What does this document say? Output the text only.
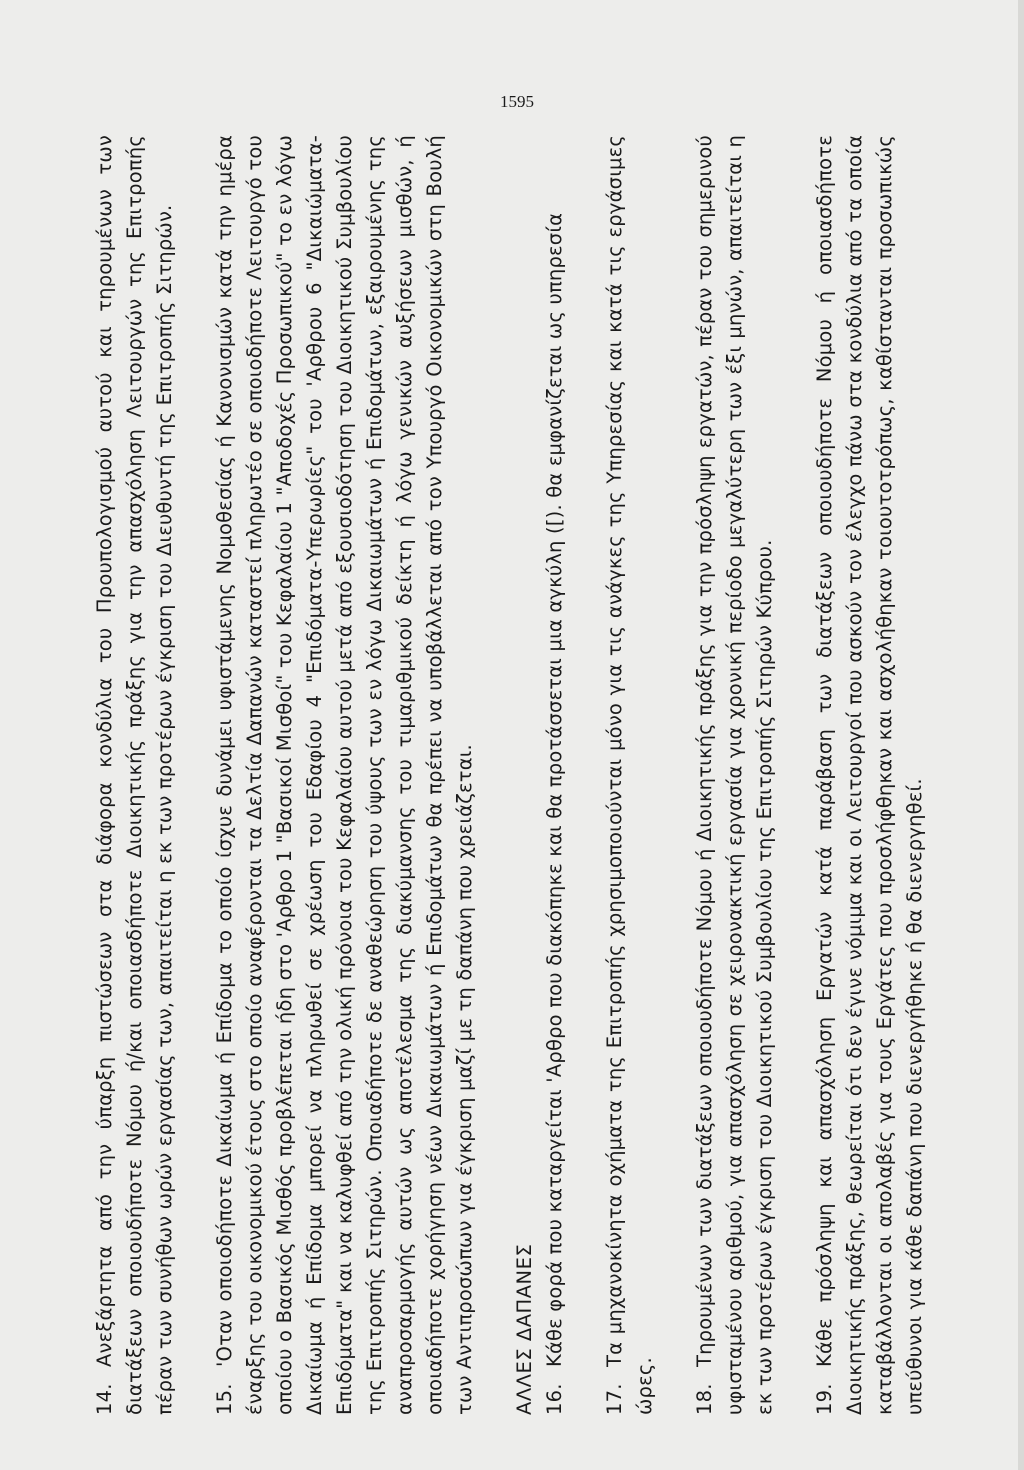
1595

14.Ανεξάρτητα από την ύπαρξη πιστώσεων στα διάφορα κονδύλια του Προυπολογισμού αυτού και τηρουμένων των διατάξεων οποιουδήποτε Νόμου ή/και οποιασδήποτε Διοικητικής πράξης για την απασχόληση Λειτουργών της Επιτροπής πέραν των συνήθων ωρών εργασίας των, απαιτείται η εκ των προτέρων έγκριση του Διευθυντή της Επιτροπής Σιτηρών. 15.'Οταν οποιοδήποτε Δικαίωμα ή Επίδομα το οποίο ίσχυε δυνάμει υφιστάμενης Νομοθεσίας ή Κανονισμών κατά την ημέρα έναρξης του οικονομικού έτους στο οποίο αναφέρονται τα Δελτία Δαπανών καταστεί πληρωτέο σε οποιοδήποτε Λειτουργό του οποίου ο Βασικός Μισθός προβλέπεται ήδη στο 'Αρθρο 1 "Βασικοί Μισθοί" του Κεφαλαίου 1 "Αποδοχές Προσωπικού" το εν λόγω Δικαίωμα ή Επίδομα μπορεί να πληρωθεί σε χρέωση του Εδαφίου 4 "Επιδόματα-Υπερωρίες" του 'Αρθρου 6 "Δικαιώματα-Επιδόματα" και να καλυφθεί από την ολική πρόνοια του Κεφαλαίου αυτού μετά από εξουσιοδότηση του Διοικητικού Συμβουλίου της Επιτροπής Σιτηρών. Οποιαδήποτε δε αναθεώρηση του ύψους των εν λόγω Δικαιωμάτων ή Επιδομάτων, εξαιρουμένης της αναπροσαρμογής αυτών ως αποτέλεσμα της διακύμανσης του τιμαριθμικού δείκτη ή λόγω γενικών αυξήσεων μισθών, ή οποιαδήποτε χορήγηση νέων Δικαιωμάτων ή Επιδομάτων θα πρέπει να υποβάλλεται από τον Υπουργό Οικονομικών στη Βουλή των Αντιπροσώπων για έγκριση μαζί με τη δαπάνη που χρειάζεται. ΑΛΛΕΣ ΔΑΠΑΝΕΣ 16.Κάθε φορά που καταργείται 'Αρθρο που διακόπηκε και θα προτάσσεται μια αγκύλη ([). θα εμφανίζεται ως υπηρεσία

17.Τα μηχανοκίνητα οχήματα της Επιτροπής χρησιμοποιούνται μόνο για τις ανάγκες της Υπηρεσίας και κατά τις εργάσιμες ώρες. 18.Τηρουμένων των διατάξεων οποιουδήποτε Νόμου ή Διοικητικής πράξης για την πρόσληψη εργατών, πέραν του σημερινού υφισταμένου αριθμού, για απασχόληση σε χειρονακτική εργασία για χρονική περίοδο μεγαλύτερη των έξι μηνών, απαιτείται η εκ των προτέρων έγκριση του Διοικητικού Συμβουλίου της Επιτροπής Σιτηρών Κύπρου. 19.Κάθε πρόσληψη και απασχόληση Εργατών κατά παράβαση των διατάξεων οποιουδήποτε Νόμου ή οποιασδήποτε Διοικητικής πράξης, θεωρείται ότι δεν έγινε νόμιμα και οι Λειτουργοί που ασκούν τον έλεγχο πάνω στα κονδύλια από τα οποία καταβάλλονται οι απολαβές για τους Εργάτες που προσλήφθηκαν και ασχολήθηκαν τοιουτοτρόπως, καθίστανται προσωπικώς υπεύθυνοι για κάθε δαπάνη που διενεργήθηκε ή θα διενεργηθεί.
